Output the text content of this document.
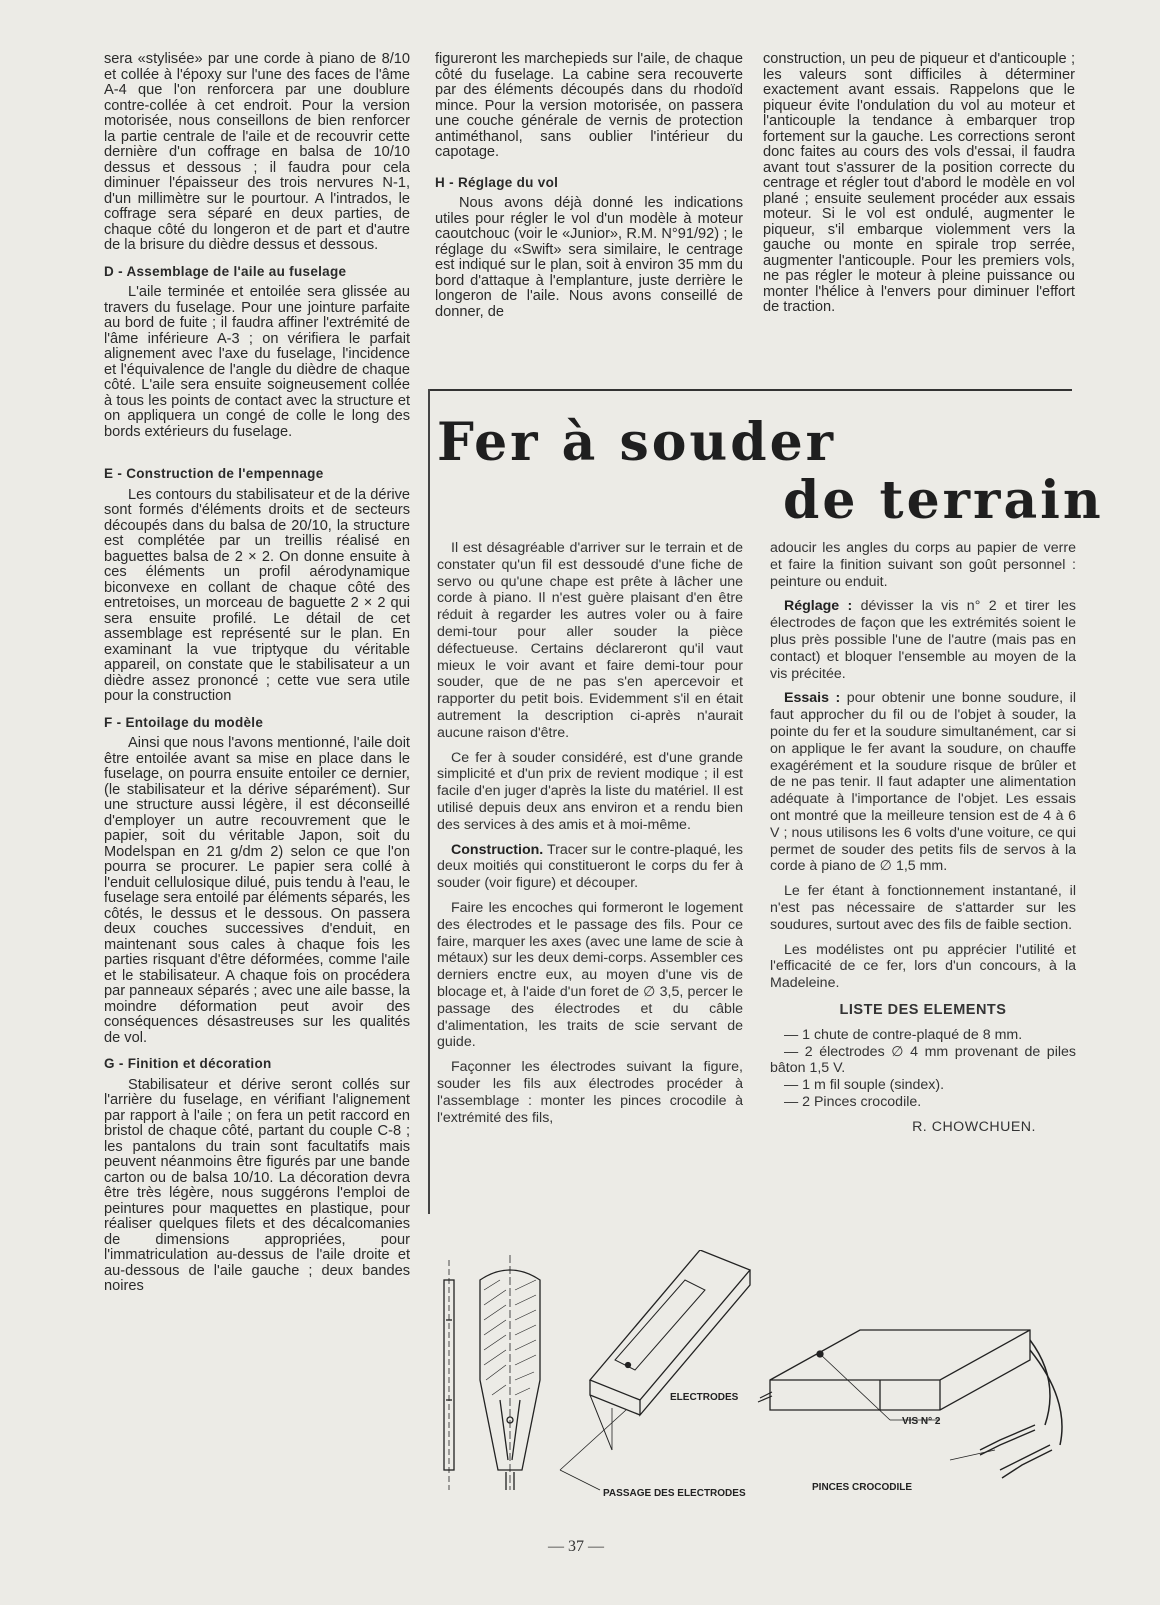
sera «stylisée» par une corde à piano de 8/10 et collée à l'époxy sur l'une des faces de l'âme A-4 que l'on renforcera par une doublure contre-collée à cet endroit. Pour la version motorisée, nous conseillons de bien renforcer la partie centrale de l'aile et de recouvrir cette dernière d'un coffrage en balsa de 10/10 dessus et dessous ; il faudra pour cela diminuer l'épaisseur des trois nervures N-1, d'un millimètre sur le pourtour. A l'intrados, le coffrage sera séparé en deux parties, de chaque côté du longeron et de part et d'autre de la brisure du dièdre dessus et dessous.

D - Assemblage de l'aile au fuselage

L'aile terminée et entoilée sera glissée au travers du fuselage. Pour une jointure parfaite au bord de fuite ; il faudra affiner l'extrémité de l'âme inférieure A-3 ; on vérifiera le parfait alignement avec l'axe du fuselage, l'incidence et l'équivalence de l'angle du dièdre de chaque côté. L'aile sera ensuite soigneusement collée à tous les points de contact avec la structure et on appliquera un congé de colle le long des bords extérieurs du fuselage.

E - Construction de l'empennage

Les contours du stabilisateur et de la dérive sont formés d'éléments droits et de secteurs découpés dans du balsa de 20/10, la structure est complétée par un treillis réalisé en baguettes balsa de 2 × 2. On donne ensuite à ces éléments un profil aérodynamique biconvexe en collant de chaque côté des entretoises, un morceau de baguette 2 × 2 qui sera ensuite profilé. Le détail de cet assemblage est représenté sur le plan. En examinant la vue triptyque du véritable appareil, on constate que le stabilisateur a un dièdre assez prononcé ; cette vue sera utile pour la construction

F - Entoilage du modèle

Ainsi que nous l'avons mentionné, l'aile doit être entoilée avant sa mise en place dans le fuselage, on pourra ensuite entoiler ce dernier, (le stabilisateur et la dérive séparément). Sur une structure aussi légère, il est déconseillé d'employer un autre recouvrement que le papier, soit du véritable Japon, soit du Modelspan en 21 g/dm 2) selon ce que l'on pourra se procurer. Le papier sera collé à l'enduit cellulosique dilué, puis tendu à l'eau, le fuselage sera entoilé par éléments séparés, les côtés, le dessus et le dessous. On passera deux couches successives d'enduit, en maintenant sous cales à chaque fois les parties risquant d'être déformées, comme l'aile et le stabilisateur. A chaque fois on procédera par panneaux séparés ; avec une aile basse, la moindre déformation peut avoir des conséquences désastreuses sur les qualités de vol.

G - Finition et décoration

Stabilisateur et dérive seront collés sur l'arrière du fuselage, en vérifiant l'alignement par rapport à l'aile ; on fera un petit raccord en bristol de chaque côté, partant du couple C-8 ; les pantalons du train sont facultatifs mais peuvent néanmoins être figurés par une bande carton ou de balsa 10/10. La décoration devra être très légère, nous suggérons l'emploi de peintures pour maquettes en plastique, pour réaliser quelques filets et des décalcomanies de dimensions appropriées, pour l'immatriculation au-dessus de l'aile droite et au-dessous de l'aile gauche ; deux bandes noires

figureront les marchepieds sur l'aile, de chaque côté du fuselage. La cabine sera recouverte par des éléments découpés dans du rhodoïd mince. Pour la version motorisée, on passera une couche générale de vernis de protection antiméthanol, sans oublier l'intérieur du capotage.

H - Réglage du vol

Nous avons déjà donné les indications utiles pour régler le vol d'un modèle à moteur caoutchouc (voir le «Junior», R.M. N°91/92) ; le réglage du «Swift» sera similaire, le centrage est indiqué sur le plan, soit à environ 35 mm du bord d'attaque à l'emplanture, juste derrière le longeron de l'aile. Nous avons conseillé de donner, de

construction, un peu de piqueur et d'anticouple ; les valeurs sont difficiles à déterminer exactement avant essais. Rappelons que le piqueur évite l'ondulation du vol au moteur et l'anticouple la tendance à embarquer trop fortement sur la gauche. Les corrections seront donc faites au cours des vols d'essai, il faudra avant tout s'assurer de la position correcte du centrage et régler tout d'abord le modèle en vol plané ; ensuite seulement procéder aux essais moteur. Si le vol est ondulé, augmenter le piqueur, s'il embarque violemment vers la gauche ou monte en spirale trop serrée, augmenter l'anticouple. Pour les premiers vols, ne pas régler le moteur à pleine puissance ou monter l'hélice à l'envers pour diminuer l'effort de traction.

Fer à souder
de terrain

Il est désagréable d'arriver sur le terrain et de constater qu'un fil est dessoudé d'une fiche de servo ou qu'une chape est prête à lâcher une corde à piano. Il n'est guère plaisant d'en être réduit à regarder les autres voler ou à faire demi-tour pour aller souder la pièce défectueuse. Certains déclareront qu'il vaut mieux le voir avant et faire demi-tour pour souder, que de ne pas s'en apercevoir et rapporter du petit bois. Evidemment s'il en était autrement la description ci-après n'aurait aucune raison d'être.

Ce fer à souder considéré, est d'une grande simplicité et d'un prix de revient modique ; il est facile d'en juger d'après la liste du matériel. Il est utilisé depuis deux ans environ et a rendu bien des services à des amis et à moi-même.

Construction. Tracer sur le contre-plaqué, les deux moitiés qui constitueront le corps du fer à souder (voir figure) et découper.

Faire les encoches qui formeront le logement des électrodes et le passage des fils. Pour ce faire, marquer les axes (avec une lame de scie à métaux) sur les deux demi-corps. Assembler ces derniers enctre eux, au moyen d'une vis de blocage et, à l'aide d'un foret de ∅ 3,5, percer le passage des électrodes et du câble d'alimentation, les traits de scie servant de guide.

Façonner les électrodes suivant la figure, souder les fils aux électrodes procéder à l'assemblage : monter les pinces crocodile à l'extrémité des fils,

adoucir les angles du corps au papier de verre et faire la finition suivant son goût personnel : peinture ou enduit.

Réglage : dévisser la vis n° 2 et tirer les électrodes de façon que les extrémités soient le plus près possible l'une de l'autre (mais pas en contact) et bloquer l'ensemble au moyen de la vis précitée.

Essais : pour obtenir une bonne soudure, il faut approcher du fil ou de l'objet à souder, la pointe du fer et la soudure simultanément, car si on applique le fer avant la soudure, on chauffe exagérément et la soudure risque de brûler et de ne pas tenir. Il faut adapter une alimentation adéquate à l'importance de l'objet. Les essais ont montré que la meilleure tension est de 4 à 6 V ; nous utilisons les 6 volts d'une voiture, ce qui permet de souder des petits fils de servos à la corde à piano de ∅ 1,5 mm.

Le fer étant à fonctionnement instantané, il n'est pas nécessaire de s'attarder sur les soudures, surtout avec des fils de faible section.

Les modélistes ont pu apprécier l'utilité et l'efficacité de ce fer, lors d'un concours, à la Madeleine.

LISTE DES ELEMENTS

— 1 chute de contre-plaqué de 8 mm.

— 2 électrodes ∅ 4 mm provenant de piles bâton 1,5 V.

— 1 m fil souple (sindex).

— 2 Pinces crocodile.

R. CHOWCHUEN.
ELECTRODES
PASSAGE DES ELECTRODES
VIS N° 2
PINCES CROCODILE
— 37 —
